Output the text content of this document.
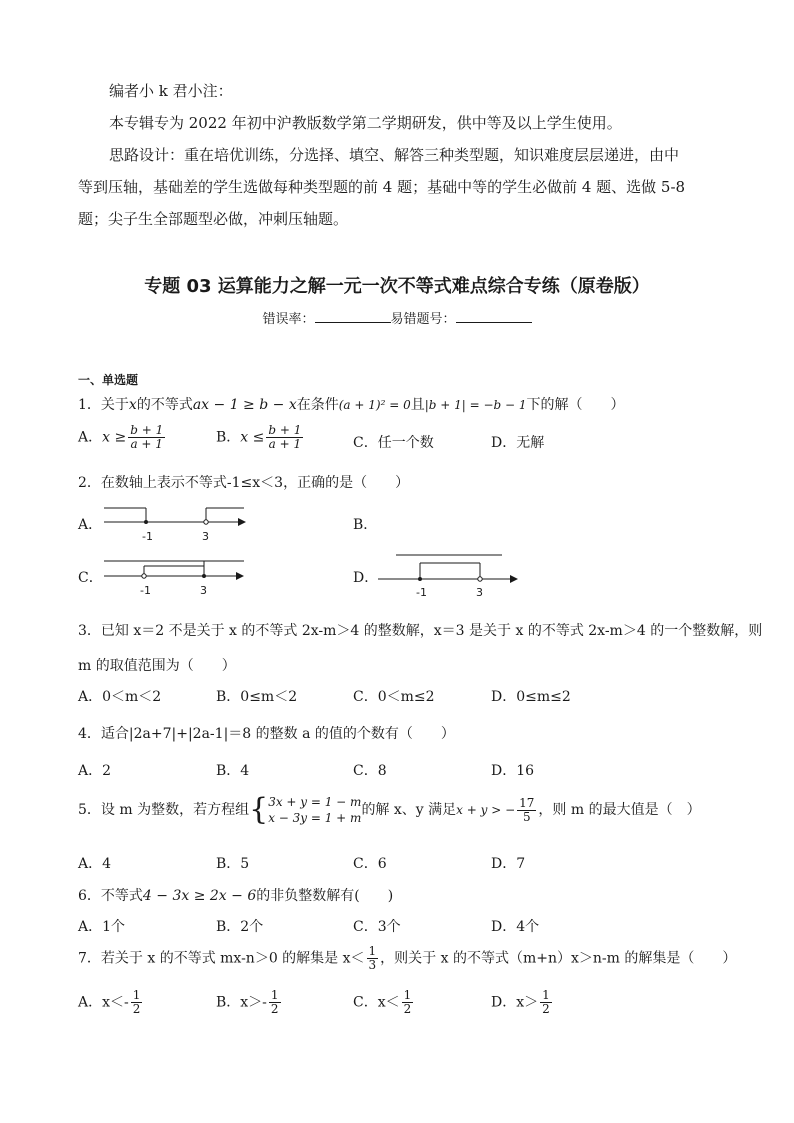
编者小 k 君小注：
本专辑专为 2022 年初中沪教版数学第二学期研发，供中等及以上学生使用。
思路设计：重在培优训练，分选择、填空、解答三种类型题，知识难度层层递进，由中
等到压轴，基础差的学生选做每种类型题的前 4 题；基础中等的学生必做前 4 题、选做 5-8
题；尖子生全部题型必做，冲刺压轴题。
专题 03 运算能力之解一元一次不等式难点综合专练（原卷版）
错误率：	易错题号：
一、单选题
1．关于x的不等式ax − 1 ≥ b − x在条件(a + 1)² = 0且|b + 1| = −b − 1下的解（　　）
A．$x \ge \frac{b + 1}{a + 1}$	B．$x \le \frac{b + 1}{a + 1}$	C．任一个数	D．无解
2．在数轴上表示不等式-1≤x＜3，正确的是（　　）
A．
-1	3
B．
C．
-1	3
D．
-1	3
3．已知 x＝2 不是关于 x 的不等式 2x-m＞4 的整数解，x＝3 是关于 x 的不等式 2x-m＞4 的一个整数解，则
m 的取值范围为（　　）
A．0＜m＜2	B．0≤m＜2	C．0＜m≤2	D．0≤m≤2
4．适合|2a+7|+|2a-1|＝8 的整数 a 的值的个数有（　　）
A．2	B．4	C．8	D．16
5．设 m 为整数，若方程组{ 3x + y = 1 − m
x − 3y = 1 + m 的解 x、y 满足x + y > − $\frac{17}{5}$ ，则 m 的最大值是（　）
A．4	B．5	C．6	D．7
6．不等式4 − 3x ≥ 2x − 6的非负整数解有(　　)
A．1个	B．2个	C．3个	D．4个
7．若关于 x 的不等式 mx-n＞0 的解集是 $x< \frac{1}{3}$ ，则关于 x 的不等式（m+n）x＞n-m 的解集是（　　）
A．$x<- \frac{1}{2}$	B．$x>- \frac{1}{2}$	C．$x< \frac{1}{2}$	D．$x> \frac{1}{2}$
